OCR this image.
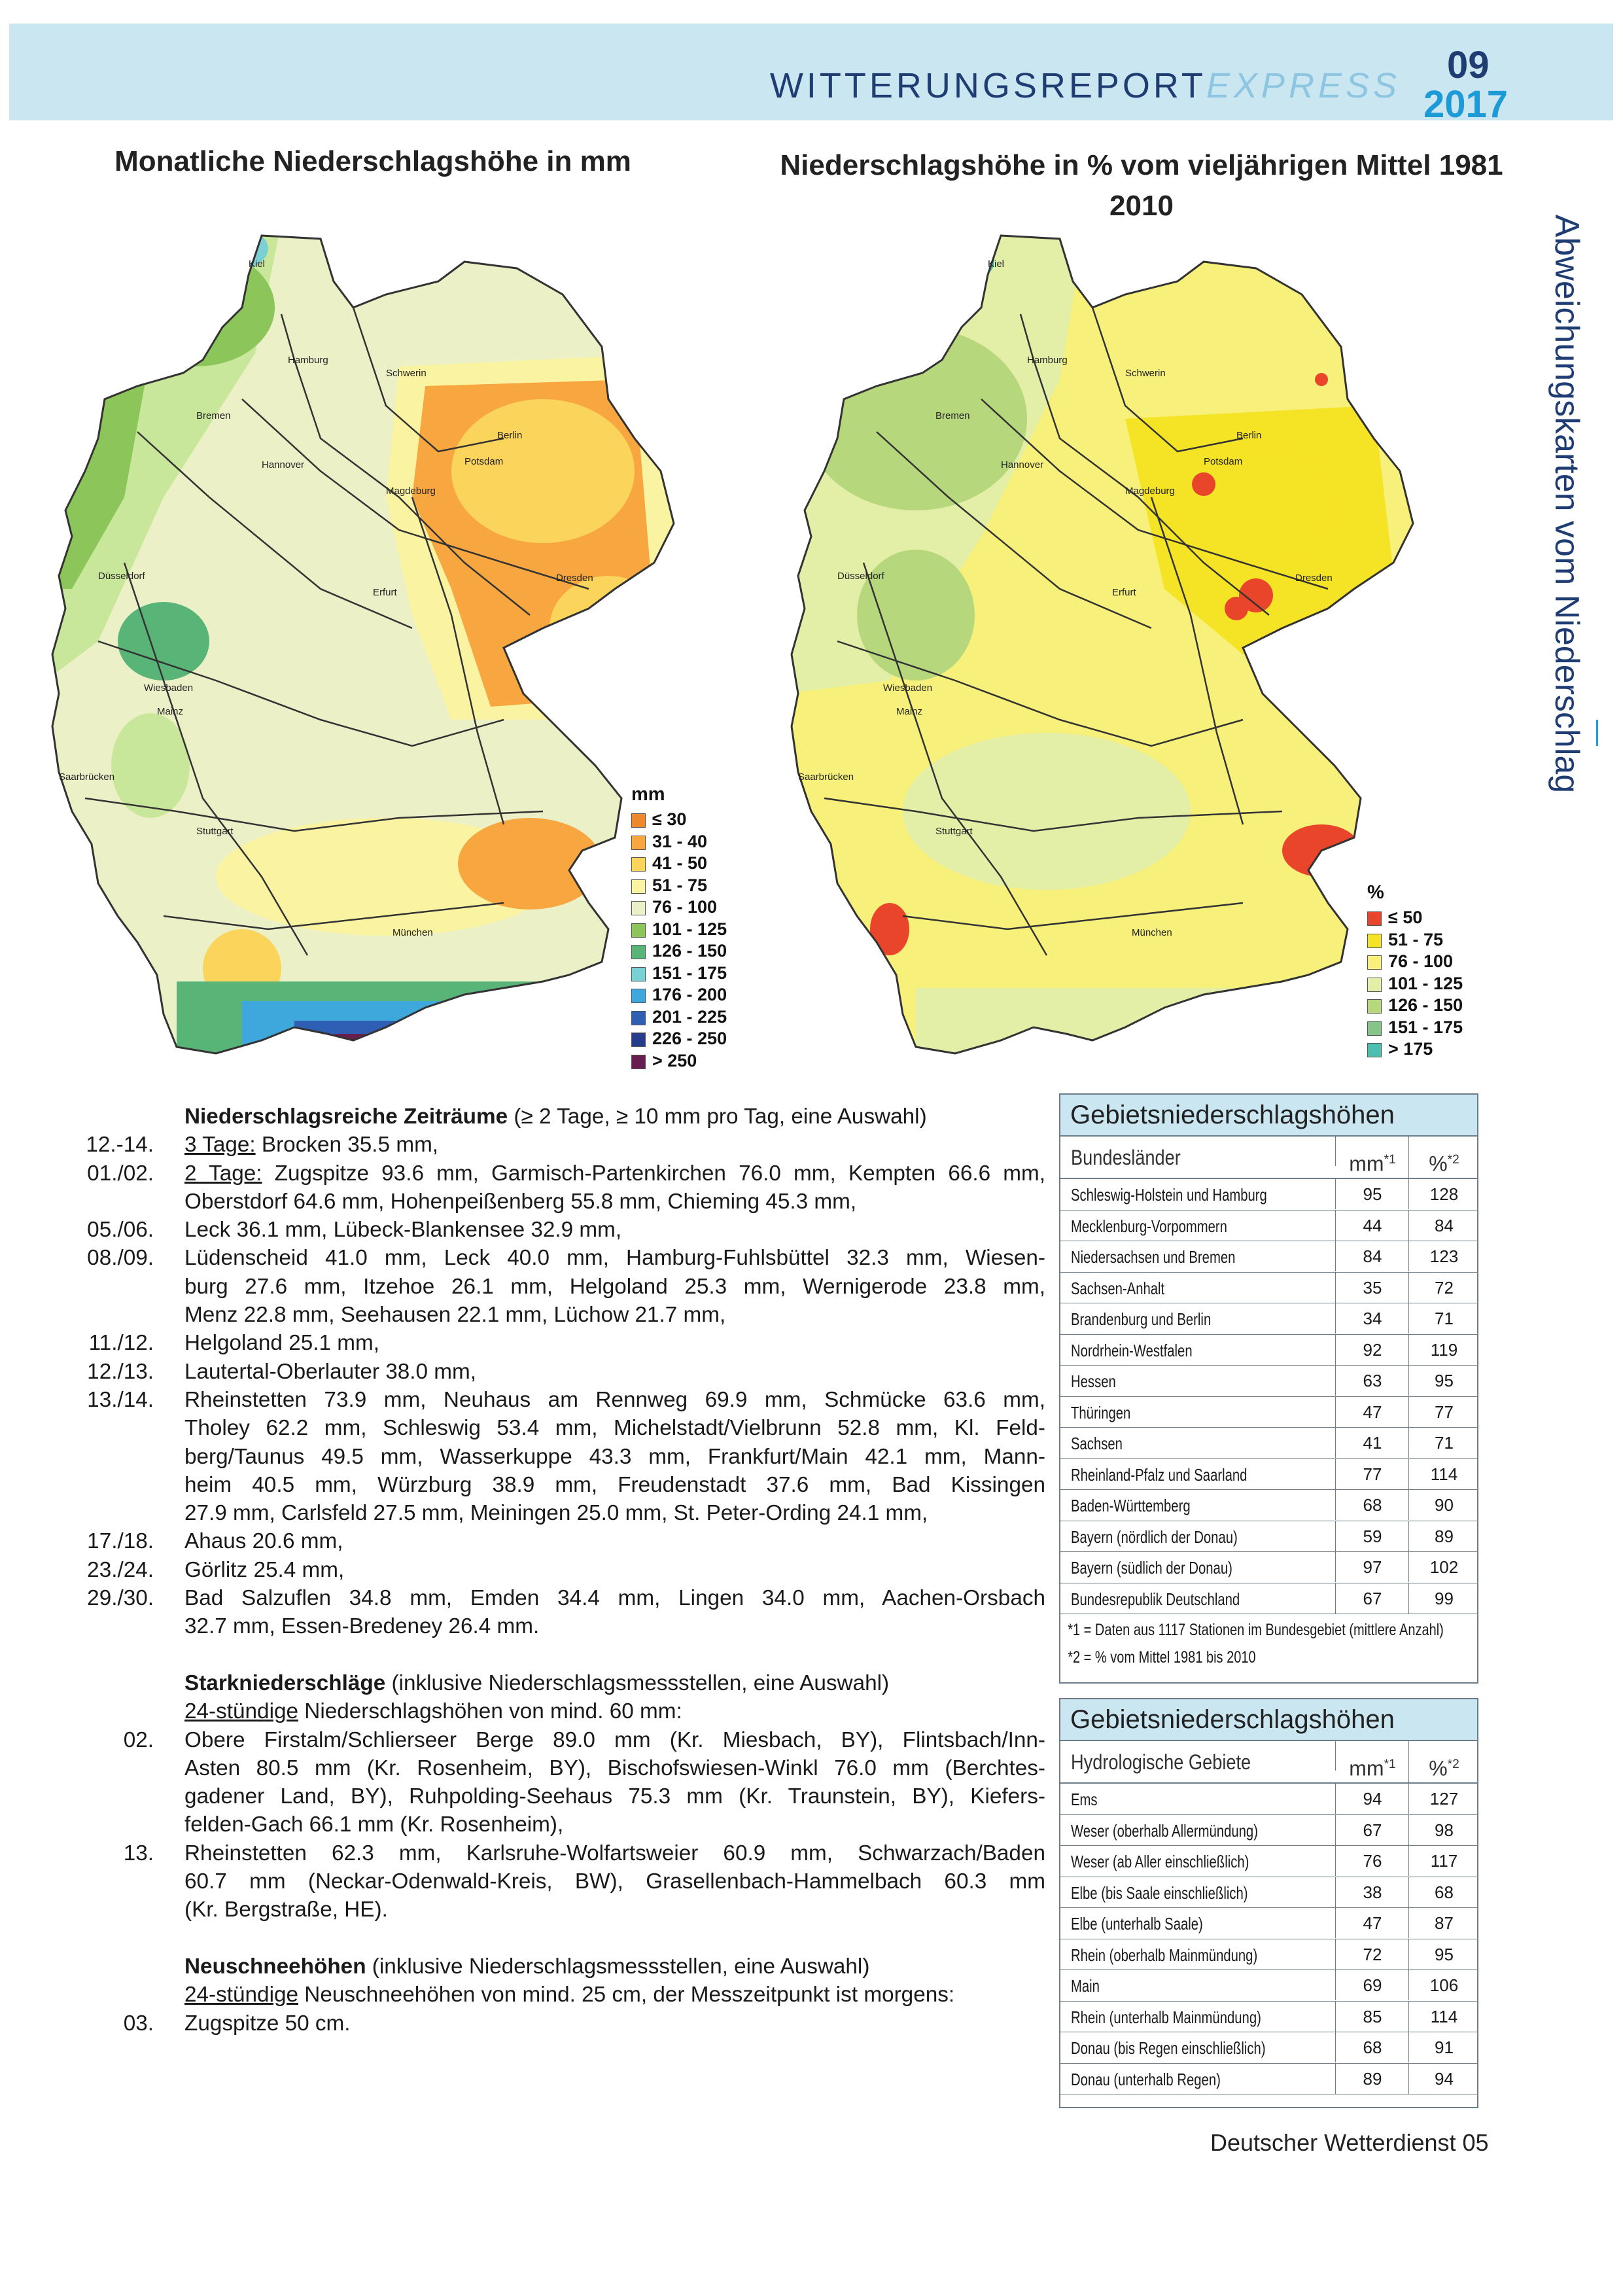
WITTERUNGSREPORTEXPRESS 09
2017
Abweichungskarten vom Niederschlag
Monatliche Niederschlagshöhe in mm	Niederschlagshöhe in % vom vieljährigen Mittel 1981 2010
Kiel
Hamburg
Schwerin
Bremen
Berlin
Hannover	Potsdam
Magdeburg
Düsseldorf	Dresden
Erfurt
Wiesbaden
Mainz
Saarbrücken
Stuttgart
München
mm
≤ 30
31 - 40
41 - 50
51 - 75
76 - 100
101 - 125
126 - 150
151 - 175
176 - 200
201 - 225
226 - 250
> 250
Kiel
Hamburg
Schwerin
Bremen
Berlin
Hannover	Potsdam
Magdeburg
Düsseldorf	Dresden
Erfurt
Wiesbaden
Mainz
Saarbrücken
Stuttgart
München
%
≤ 50
51 - 75
76 - 100
101 - 125
126 - 150
151 - 175
> 175
Niederschlagsreiche Zeiträume (≥ 2 Tage, ≥ 10 mm pro Tag, eine Auswahl)
12.-14. 3 Tage: Brocken 35.5 mm,
01./02. 2 Tage: Zugspitze 93.6 mm, Garmisch-Partenkirchen 76.0 mm, Kempten 66.6 mm,
Oberstdorf 64.6 mm, Hohenpeißenberg 55.8 mm, Chieming 45.3 mm,
05./06. Leck 36.1 mm, Lübeck-Blankensee 32.9 mm,
08./09. Lüdenscheid 41.0 mm, Leck 40.0 mm, Hamburg-Fuhlsbüttel 32.3 mm, Wiesen-
burg 27.6 mm, Itzehoe 26.1 mm, Helgoland 25.3 mm, Wernigerode 23.8 mm,
Menz 22.8 mm, Seehausen 22.1 mm, Lüchow 21.7 mm,
11./12. Helgoland 25.1 mm,
12./13. Lautertal-Oberlauter 38.0 mm,
13./14. Rheinstetten 73.9 mm, Neuhaus am Rennweg 69.9 mm, Schmücke 63.6 mm,
Tholey 62.2 mm, Schleswig 53.4 mm, Michelstadt/Vielbrunn 52.8 mm, Kl. Feld-
berg/Taunus 49.5 mm, Wasserkuppe 43.3 mm, Frankfurt/Main 42.1 mm, Mann-
heim 40.5 mm, Würzburg 38.9 mm, Freudenstadt 37.6 mm, Bad Kissingen
27.9 mm, Carlsfeld 27.5 mm, Meiningen 25.0 mm, St. Peter-Ording 24.1 mm,
17./18. Ahaus 20.6 mm,
23./24. Görlitz 25.4 mm,
29./30. Bad Salzuflen 34.8 mm, Emden 34.4 mm, Lingen 34.0 mm, Aachen-Orsbach
32.7 mm, Essen-Bredeney 26.4 mm.
Starkniederschläge (inklusive Niederschlagsmessstellen, eine Auswahl)
24-stündige Niederschlagshöhen von mind. 60 mm:
02. Obere Firstalm/Schlierseer Berge 89.0 mm (Kr. Miesbach, BY), Flintsbach/Inn-
Asten 80.5 mm (Kr. Rosenheim, BY), Bischofswiesen-Winkl 76.0 mm (Berchtes-
gadener Land, BY), Ruhpolding-Seehaus 75.3 mm (Kr. Traunstein, BY), Kiefers-
felden-Gach 66.1 mm (Kr. Rosenheim),
13. Rheinstetten 62.3 mm, Karlsruhe-Wolfartsweier 60.9 mm, Schwarzach/Baden
60.7 mm (Neckar-Odenwald-Kreis, BW), Grasellenbach-Hammelbach 60.3 mm
(Kr. Bergstraße, HE).
Neuschneehöhen (inklusive Niederschlagsmessstellen, eine Auswahl)
24-stündige Neuschneehöhen von mind. 25 cm, der Messzeitpunkt ist morgens:
03. Zugspitze 50 cm.
Gebietsniederschlagshöhen
Bundesländer	$mm^{*1}$	%$^{*2}$
Schleswig-Holstein und Hamburg	95	128
Mecklenburg-Vorpommern	44	84
Niedersachsen und Bremen	84	123
Sachsen-Anhalt	35	72
Brandenburg und Berlin	34	71
Nordrhein-Westfalen	92	119
Hessen	63	95
Thüringen	47	77
Sachsen	41	71
Rheinland-Pfalz und Saarland	77	114
Baden-Württemberg	68	90
Bayern (nördlich der Donau)	59	89
Bayern (südlich der Donau)	97	102
Bundesrepublik Deutschland	67	99
*1 = Daten aus 1117 Stationen im Bundesgebiet (mittlere Anzahl)
*2 = % vom Mittel 1981 bis 2010
Gebietsniederschlagshöhen
Hydrologische Gebiete	$mm^{*1}$	%$^{*2}$
Ems	94	127
Weser (oberhalb Allermündung)	67	98
Weser (ab Aller einschließlich)	76	117
Elbe (bis Saale einschließlich)	38	68
Elbe (unterhalb Saale)	47	87
Rhein (oberhalb Mainmündung)	72	95
Main	69	106
Rhein (unterhalb Mainmündung)	85	114
Donau (bis Regen einschließlich)	68	91
Donau (unterhalb Regen)	89	94
Deutscher Wetterdienst 05
